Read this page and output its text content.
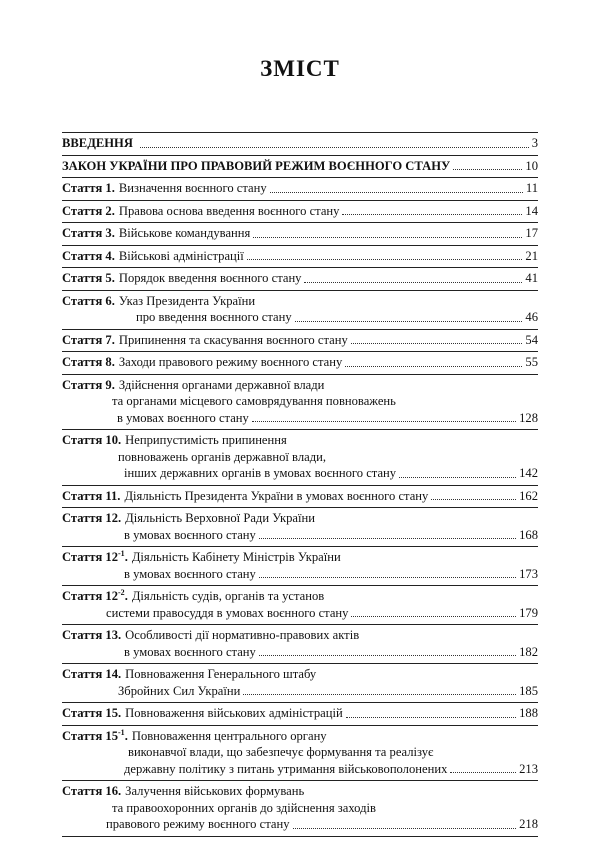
ЗМІСТ
ВВЕДЕННЯ	3
ЗАКОН УКРАЇНИ ПРО ПРАВОВИЙ РЕЖИМ ВОЄННОГО СТАНУ	10
Стаття 1. Визначення воєнного стану	11
Стаття 2. Правова основа введення воєнного стану	14
Стаття 3. Військове командування	17
Стаття 4. Військові адміністрації	21
Стаття 5. Порядок введення воєнного стану	41
Стаття 6. Указ Президента України
про введення воєнного стану	46
Стаття 7. Припинення та скасування воєнного стану	54
Стаття 8. Заходи правового режиму воєнного стану	55
Стаття 9. Здійснення органами державної влади
та органами місцевого самоврядування повноважень
в умовах воєнного стану	128
Стаття 10. Неприпустимість припинення
повноважень органів державної влади,
інших державних органів в умовах воєнного стану	142
Стаття 11. Діяльність Президента України в умовах воєнного стану	162
Стаття 12. Діяльність Верховної Ради України
в умовах воєнного стану	168
Стаття $12^{-1}$. Діяльність Кабінету Міністрів України
в умовах воєнного стану	173
Стаття $12^{-2}$. Діяльність судів, органів та установ
системи правосуддя в умовах воєнного стану	179
Стаття 13. Особливості дії нормативно-правових актів
в умовах воєнного стану	182
Стаття 14. Повноваження Генерального штабу
Збройних Сил України	185
Стаття 15. Повноваження військових адміністрацій	188
Стаття $15^{-1}$. Повноваження центрального органу
виконавчої влади, що забезпечує формування та реалізує
державну політику з питань утримання військовополонених	213
Стаття 16. Залучення військових формувань
та правоохоронних органів до здійснення заходів
правового режиму воєнного стану	218
